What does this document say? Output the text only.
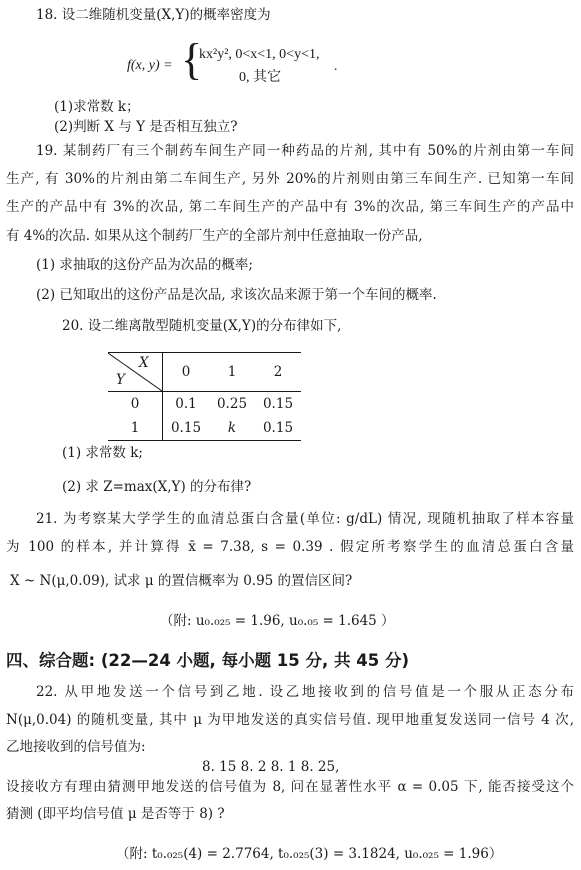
18. 设二维随机变量(X,Y)的概率密度为
f(x, y) = {
kx²y², 0<x<1, 0<y<1,
0, 其它
.
(1)求常数 k；
(2)判断 X 与 Y 是否相互独立?
19. 某制药厂有三个制药车间生产同一种药品的片剂, 其中有 50%的片剂由第一车间
生产, 有 30%的片剂由第二车间生产, 另外 20%的片剂则由第三车间生产. 已知第一车间
生产的产品中有 3%的次品, 第二车间生产的产品中有 3%的次品, 第三车间生产的产品中
有 4%的次品. 如果从这个制药厂生产的全部片剂中任意抽取一份产品,
(1) 求抽取的这份产品为次品的概率;
(2) 已知取出的这份产品是次品, 求该次品来源于第一个车间的概率.
20. 设二维离散型随机变量(X,Y)的分布律如下,
X
Y	0	1	2
0	0.1	0.25	0.15
1	0.15	k	0.15
(1) 求常数 k;
(2) 求 Z=max(X,Y) 的分布律?
21. 为考察某大学学生的血清总蛋白含量(单位: g/dL) 情况, 现随机抽取了样本容量
为 100 的样本, 并计算得 x̄ = 7.38, s = 0.39 . 假定所考察学生的血清总蛋白含量
X ~ N(μ,0.09), 试求 μ 的置信概率为 0.95 的置信区间?
（附: u₀.₀₂₅ = 1.96, u₀.₀₅ = 1.645 ）
四、综合题: (22—24 小题, 每小题 15 分, 共 45 分)
22. 从甲地发送一个信号到乙地. 设乙地接收到的信号值是一个服从正态分布
N(μ,0.04) 的随机变量, 其中 μ 为甲地发送的真实信号值. 现甲地重复发送同一信号 4 次,
乙地接收到的信号值为:
8. 15 8. 2 8. 1 8. 25,
设接收方有理由猜测甲地发送的信号值为 8, 问在显著性水平 α = 0.05 下, 能否接受这个
猜测 (即平均信号值 μ 是否等于 8) ?
（附: t₀.₀₂₅(4) = 2.7764, t₀.₀₂₅(3) = 3.1824, u₀.₀₂₅ = 1.96）
